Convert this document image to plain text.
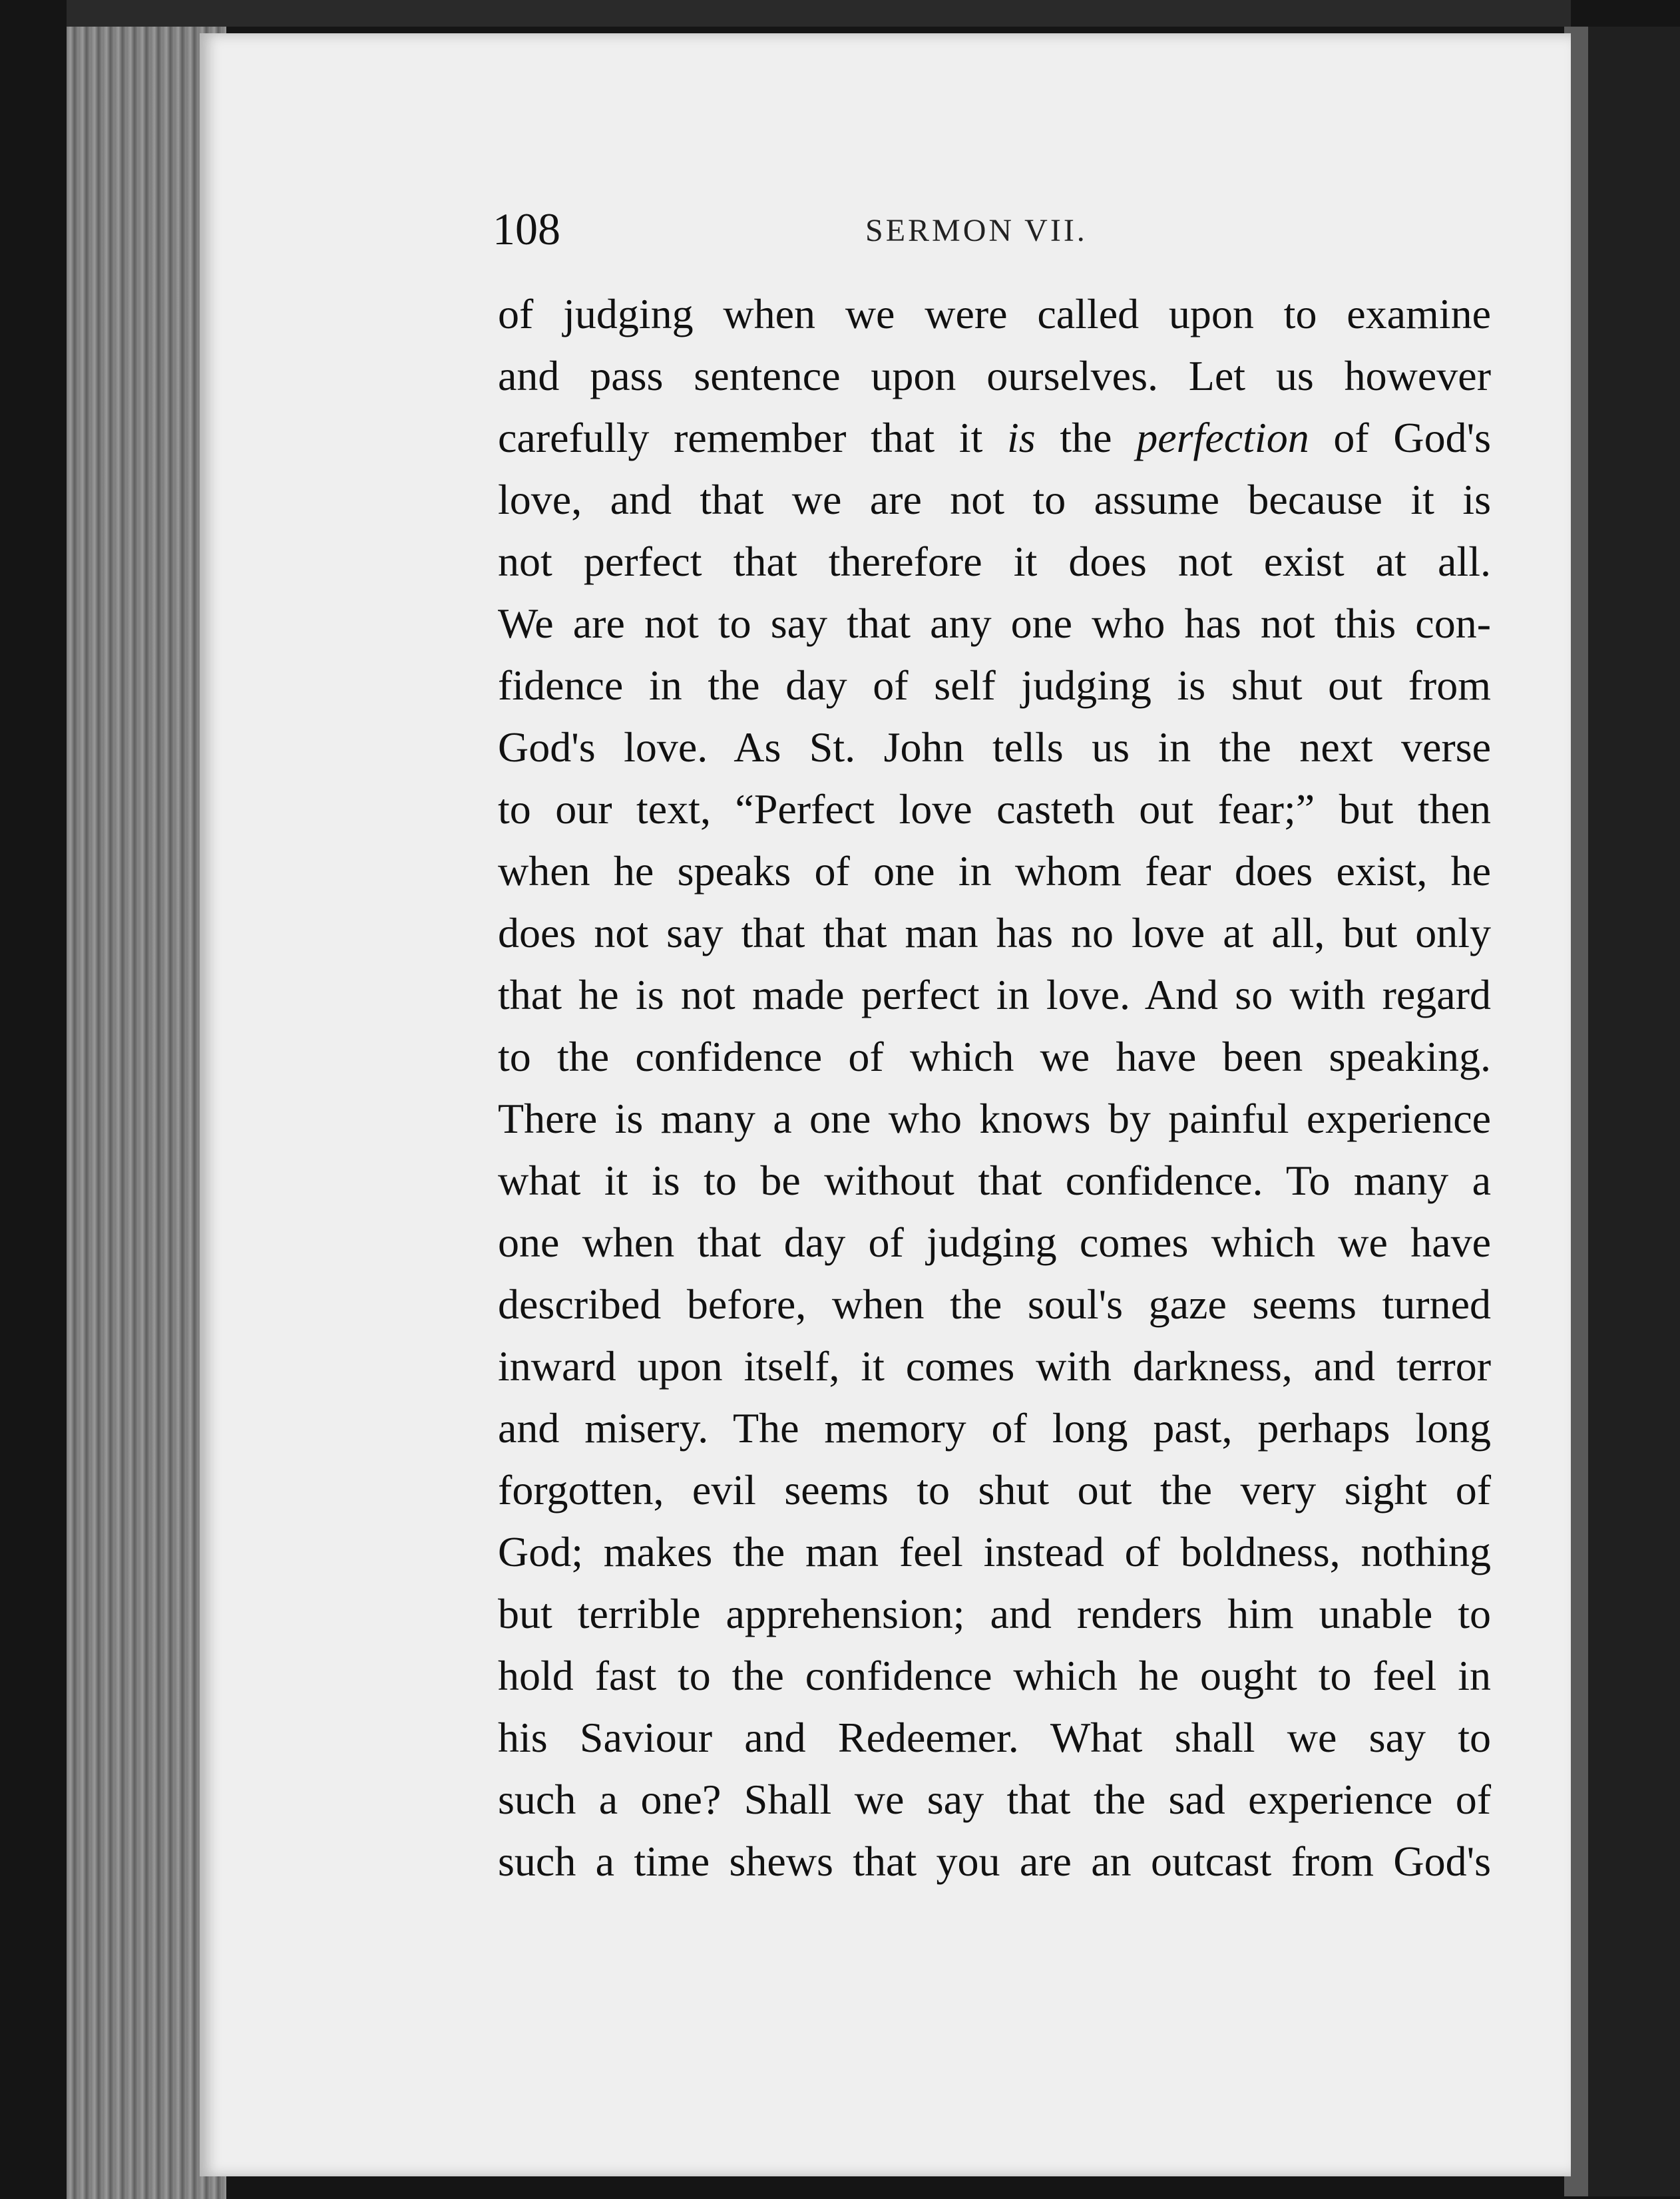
108	SERMON VII.
of judging when we were called upon to examine
and pass sentence upon ourselves. Let us however
carefully remember that it is the perfection of God's
love, and that we are not to assume because it is
not perfect that therefore it does not exist at all.
We are not to say that any one who has not this con-
fidence in the day of self judging is shut out from
God's love. As St. John tells us in the next verse
to our text, “Perfect love casteth out fear;” but then
when he speaks of one in whom fear does exist, he
does not say that that man has no love at all, but only
that he is not made perfect in love. And so with regard
to the confidence of which we have been speaking.
There is many a one who knows by painful experience
what it is to be without that confidence. To many a
one when that day of judging comes which we have
described before, when the soul's gaze seems turned
inward upon itself, it comes with darkness, and terror
and misery. The memory of long past, perhaps long
forgotten, evil seems to shut out the very sight of
God; makes the man feel instead of boldness, nothing
but terrible apprehension; and renders him unable to
hold fast to the confidence which he ought to feel in
his Saviour and Redeemer. What shall we say to
such a one? Shall we say that the sad experience of
such a time shews that you are an outcast from God's
